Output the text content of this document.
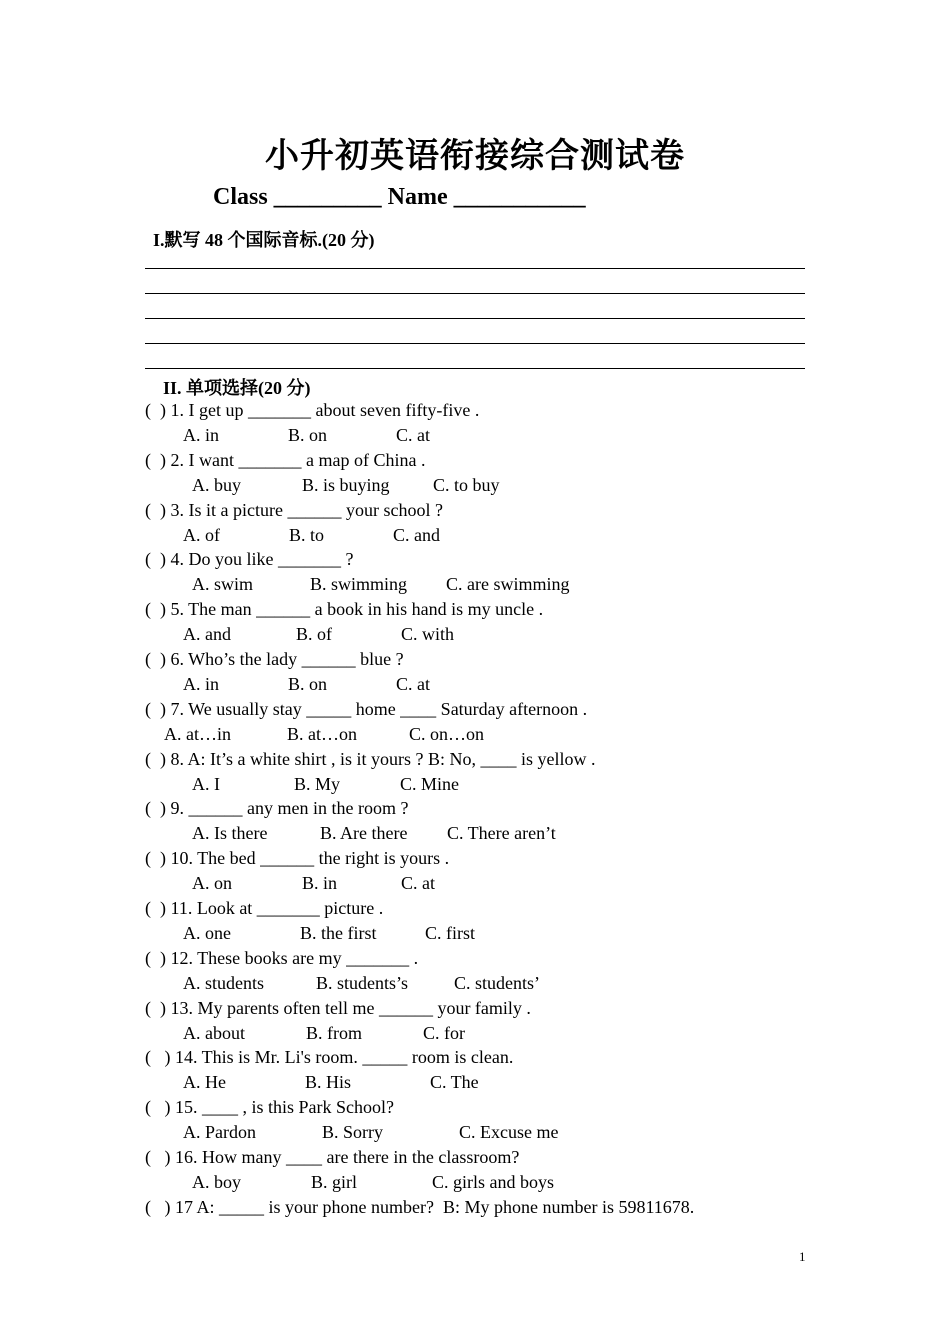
小升初英语衔接综合测试卷
Class _________ Name ___________
I.默写 48 个国际音标.(20 分)
II. 单项选择(20 分)
(  ) 1. I get up _______ about seven fifty-five .
A. in	B. on	C. at
(  ) 2. I want _______ a map of China .
A. buy	B. is buying C. to buy
(  ) 3. Is it a picture ______ your school ?
A. of	B. to	C. and
(  ) 4. Do you like _______ ?
A. swim	B. swimming C. are swimming
(  ) 5. The man ______ a book in his hand is my uncle .
A. and	B. of	C. with
(  ) 6. Who’s the lady ______ blue ?
A. in	B. on	C. at
(  ) 7. We usually stay _____ home ____ Saturday afternoon .
A. at…in	B. at…on	C. on…on
(  ) 8. A: It’s a white shirt , is it yours ? B: No, ____ is yellow .
A. I	B. My	C. Mine
(  ) 9. ______ any men in the room ?
A. Is there	B. Are there C. There aren’t
(  ) 10. The bed ______ the right is yours .
A. on	B. in	C. at
(  ) 11. Look at _______ picture .
A. one	B. the first	C. first
(  ) 12. These books are my _______ .
A. students	B. students’s	C. students’
(  ) 13. My parents often tell me ______ your family .
A. about	B. from	C. for
(   ) 14. This is Mr. Li's room. _____ room is clean.
A. He	B. His	C. The
(   ) 15. ____ , is this Park School?
A. Pardon	B. Sorry	C. Excuse me
(   ) 16. How many ____ are there in the classroom?
A. boy	B. girl	C. girls and boys
(   ) 17 A: _____ is your phone number?  B: My phone number is 59811678.
1
